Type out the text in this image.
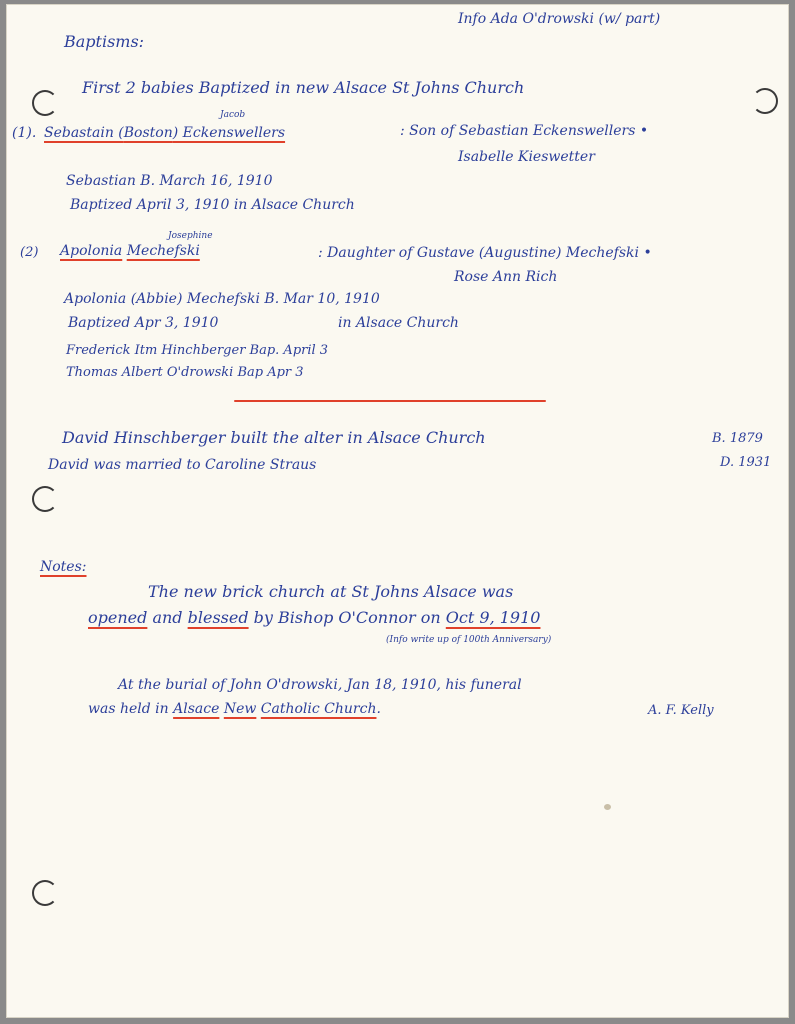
Info Ada O'drowski (w/ part)
Baptisms:
First 2 babies Baptized in new Alsace St Johns Church
Jacob
(1). Sebastain (Boston) Eckenswellers	: Son of Sebastian Eckenswellers •
Isabelle Kieswetter
Sebastian B. March 16, 1910
Baptized April 3, 1910 in Alsace Church
Josephine
(2) Apolonia Mechefski	: Daughter of Gustave (Augustine) Mechefski •
Rose Ann Rich
Apolonia (Abbie) Mechefski B. Mar 10, 1910
Baptized Apr 3, 1910	in Alsace Church
Frederick Itm Hinchberger Bap. April 3
Thomas Albert O'drowski Bap Apr 3
David Hinschberger built the alter in Alsace Church	B. 1879
David was married to Caroline Straus	D. 1931
Notes:
The new brick church at St Johns Alsace was
opened and blessed by Bishop O'Connor on Oct 9, 1910
(Info write up of 100th Anniversary)
At the burial of John O'drowski, Jan 18, 1910, his funeral
was held in Alsace New Catholic Church.	A. F. Kelly
